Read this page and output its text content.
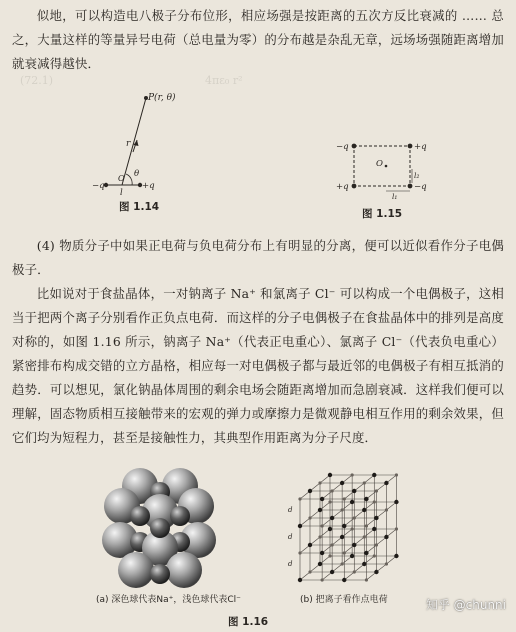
(72.1)	4πε₀ r²
似地，可以构造电八极子分布位形，相应场强是按距离的五次方反比衰减的 …… 总之，大量这样的等量异号电荷（总电量为零）的分布越是杂乱无章，远场场强随距离增加就衰减得越快．
P(r, θ)
r
θ
−q	+q
O
l
图 1.14
−q	+q
+q	−q
O
l₂
l₁
图 1.15
(4) 物质分子中如果正电荷与负电荷分布上有明显的分离，便可以近似看作分子电偶极子．
比如说对于食盐晶体，一对钠离子 Na⁺ 和氯离子 Cl⁻ 可以构成一个电偶极子，这相当于把两个离子分别看作正负点电荷．而这样的分子电偶极子在食盐晶体中的排列是高度对称的，如图 1.16 所示，钠离子 Na⁺（代表正电重心）、氯离子 Cl⁻（代表负电重心）紧密排布构成交错的立方晶格，相应每一对电偶极子都与最近邻的电偶极子有相互抵消的趋势．可以想见，氯化钠晶体周围的剩余电场会随距离增加而急剧衰减．这样我们便可以理解，固态物质相互接触带来的宏观的弹力或摩擦力是微观静电相互作用的剩余效果，但它们均为短程力，甚至是接触性力，其典型作用距离为分子尺度．
(a) 深色球代表Na⁺，浅色球代表Cl⁻
d
d
d
(b) 把离子看作点电荷
图 1.16
知乎 @chunni
